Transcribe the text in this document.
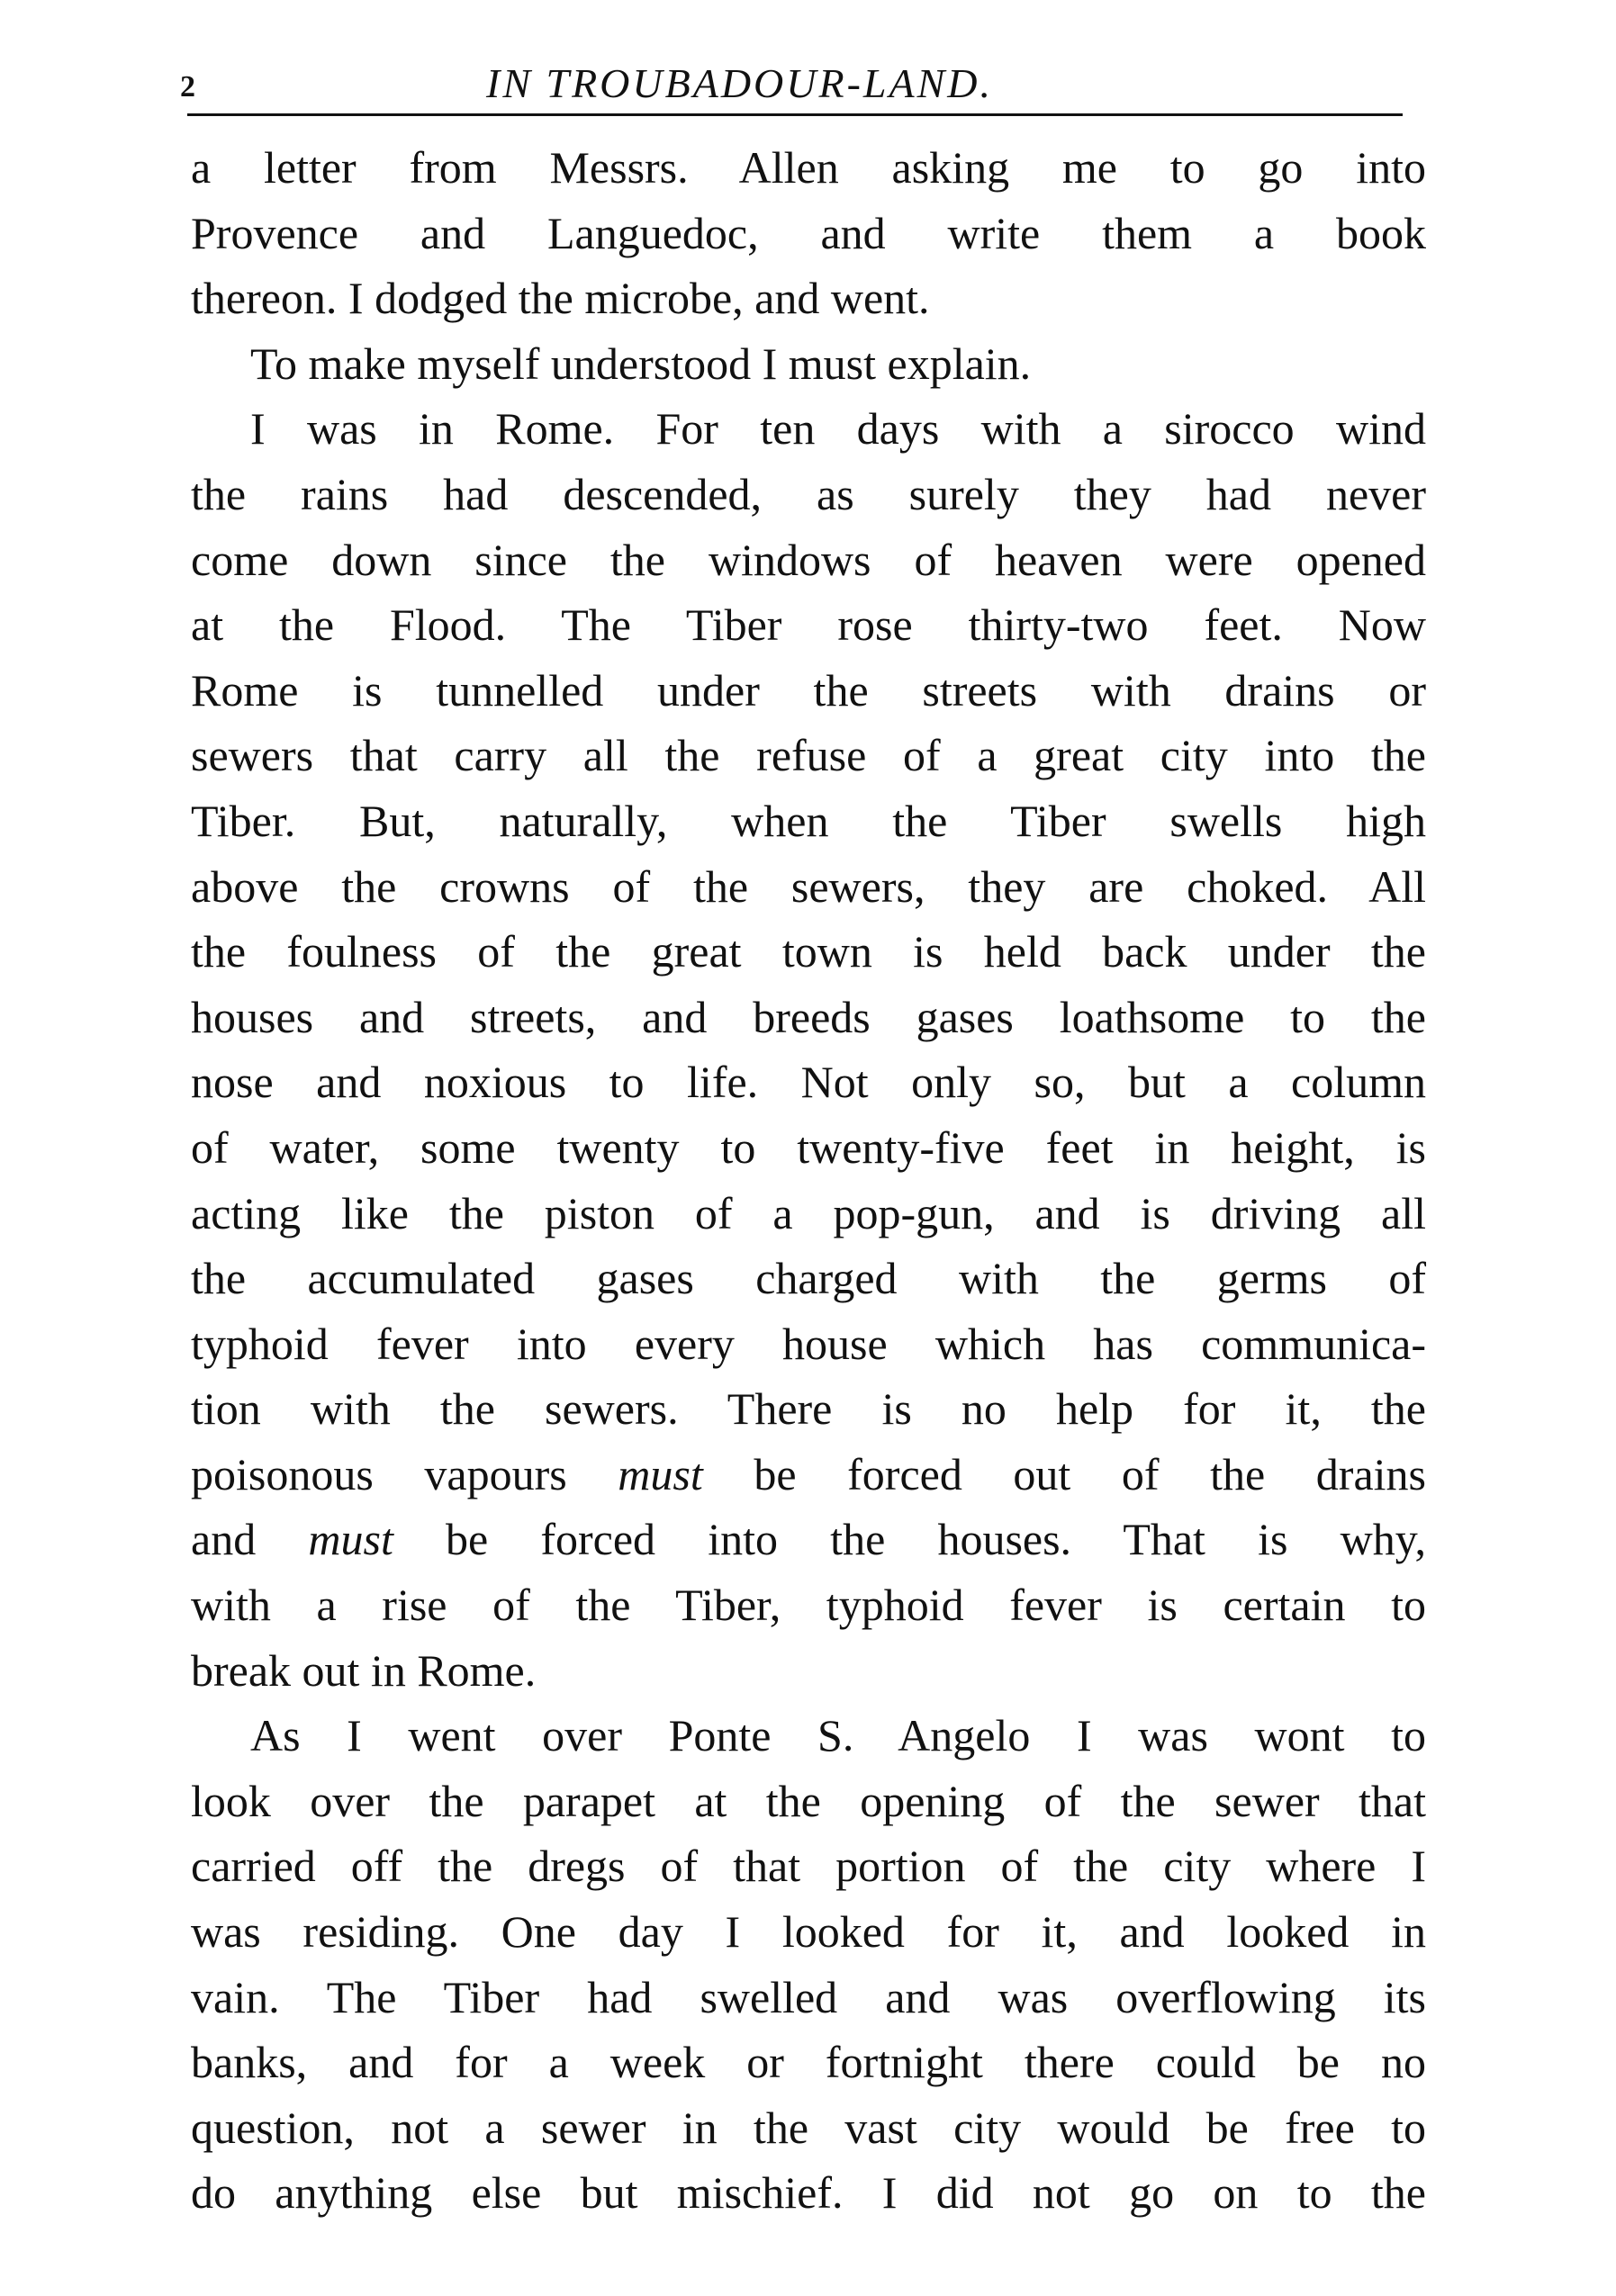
2	IN TROUBADOUR-LAND.
a letter from Messrs. Allen asking me to go into
Provence and Languedoc, and write them a book
thereon. I dodged the microbe, and went.
To make myself understood I must explain.
I was in Rome. For ten days with a sirocco wind
the rains had descended, as surely they had never
come down since the windows of heaven were opened
at the Flood. The Tiber rose thirty-two feet. Now
Rome is tunnelled under the streets with drains or
sewers that carry all the refuse of a great city into the
Tiber. But, naturally, when the Tiber swells high
above the crowns of the sewers, they are choked. All
the foulness of the great town is held back under the
houses and streets, and breeds gases loathsome to the
nose and noxious to life. Not only so, but a column
of water, some twenty to twenty-five feet in height, is
acting like the piston of a pop-gun, and is driving all
the accumulated gases charged with the germs of
typhoid fever into every house which has communica-
tion with the sewers. There is no help for it, the
poisonous vapours must be forced out of the drains
and must be forced into the houses. That is why,
with a rise of the Tiber, typhoid fever is certain to
break out in Rome.
As I went over Ponte S. Angelo I was wont to
look over the parapet at the opening of the sewer that
carried off the dregs of that portion of the city where I
was residing. One day I looked for it, and looked in
vain. The Tiber had swelled and was overflowing its
banks, and for a week or fortnight there could be no
question, not a sewer in the vast city would be free to
do anything else but mischief. I did not go on to the
